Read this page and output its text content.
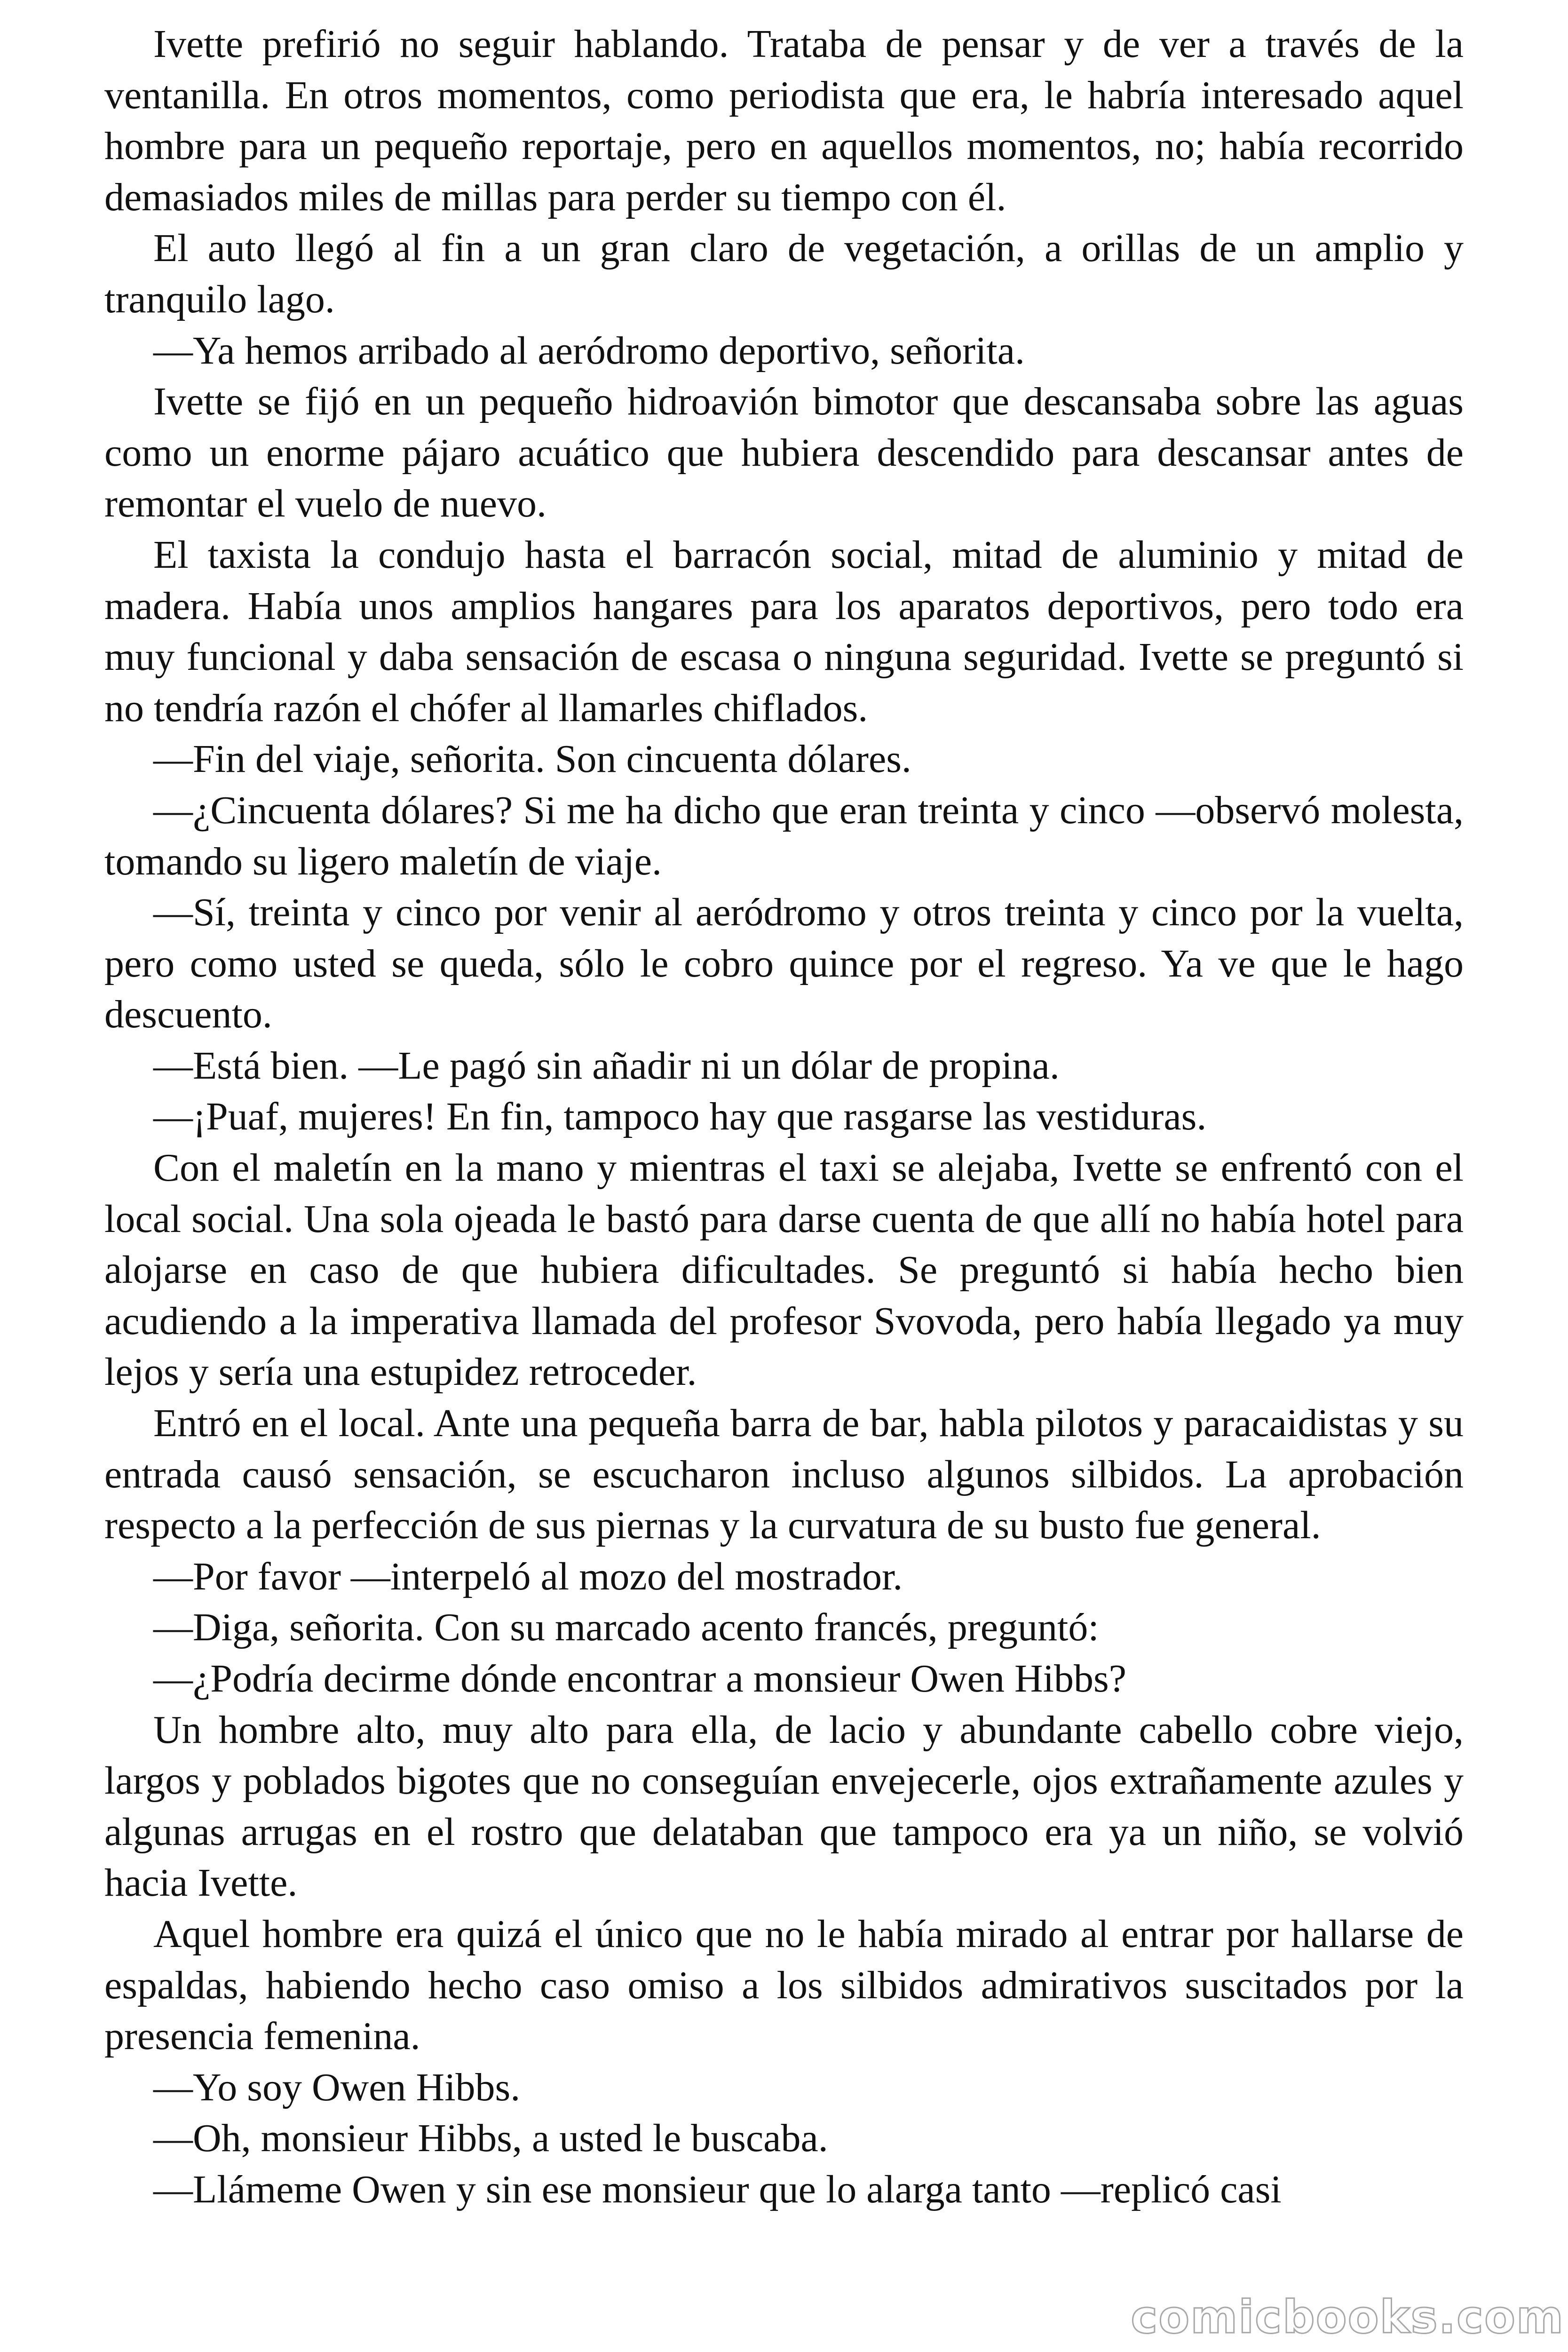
Ivette prefirió no seguir hablando. Trataba de pensar y de ver a través de la ventanilla. En otros momentos, como periodista que era, le habría interesado aquel hombre para un pequeño reportaje, pero en aquellos momentos, no; había recorrido demasiados miles de millas para perder su tiempo con él.

El auto llegó al fin a un gran claro de vegetación, a orillas de un amplio y tranquilo lago.

—Ya hemos arribado al aeródromo deportivo, señorita.

Ivette se fijó en un pequeño hidroavión bimotor que descansaba sobre las aguas como un enorme pájaro acuático que hubiera descendido para descansar antes de remontar el vuelo de nuevo.

El taxista la condujo hasta el barracón social, mitad de aluminio y mitad de madera. Había unos amplios hangares para los aparatos deportivos, pero todo era muy funcional y daba sensación de escasa o ninguna seguridad. Ivette se preguntó si no tendría razón el chófer al llamarles chiflados.

—Fin del viaje, señorita. Son cincuenta dólares.

—¿Cincuenta dólares? Si me ha dicho que eran treinta y cinco —observó molesta, tomando su ligero maletín de viaje.

—Sí, treinta y cinco por venir al aeródromo y otros treinta y cinco por la vuelta, pero como usted se queda, sólo le cobro quince por el regreso. Ya ve que le hago descuento.

—Está bien. —Le pagó sin añadir ni un dólar de propina.

—¡Puaf, mujeres! En fin, tampoco hay que rasgarse las vestiduras.

Con el maletín en la mano y mientras el taxi se alejaba, Ivette se enfrentó con el local social. Una sola ojeada le bastó para darse cuenta de que allí no había hotel para alojarse en caso de que hubiera dificultades. Se preguntó si había hecho bien acudiendo a la imperativa llamada del profesor Svovoda, pero había llegado ya muy lejos y sería una estupidez retroceder.

Entró en el local. Ante una pequeña barra de bar, habla pilotos y paracaidistas y su entrada causó sensación, se escucharon incluso algunos silbidos. La aprobación respecto a la perfección de sus piernas y la curvatura de su busto fue general.

—Por favor —interpeló al mozo del mostrador.

—Diga, señorita. Con su marcado acento francés, preguntó:

—¿Podría decirme dónde encontrar a monsieur Owen Hibbs?

Un hombre alto, muy alto para ella, de lacio y abundante cabello cobre viejo, largos y poblados bigotes que no conseguían envejecerle, ojos extrañamente azules y algunas arrugas en el rostro que delataban que tampoco era ya un niño, se volvió hacia Ivette.

Aquel hombre era quizá el único que no le había mirado al entrar por hallarse de espaldas, habiendo hecho caso omiso a los silbidos admirativos suscitados por la presencia femenina.

—Yo soy Owen Hibbs.

—Oh, monsieur Hibbs, a usted le buscaba.

—Llámeme Owen y sin ese monsieur que lo alarga tanto —replicó casi

comicbooks.com
